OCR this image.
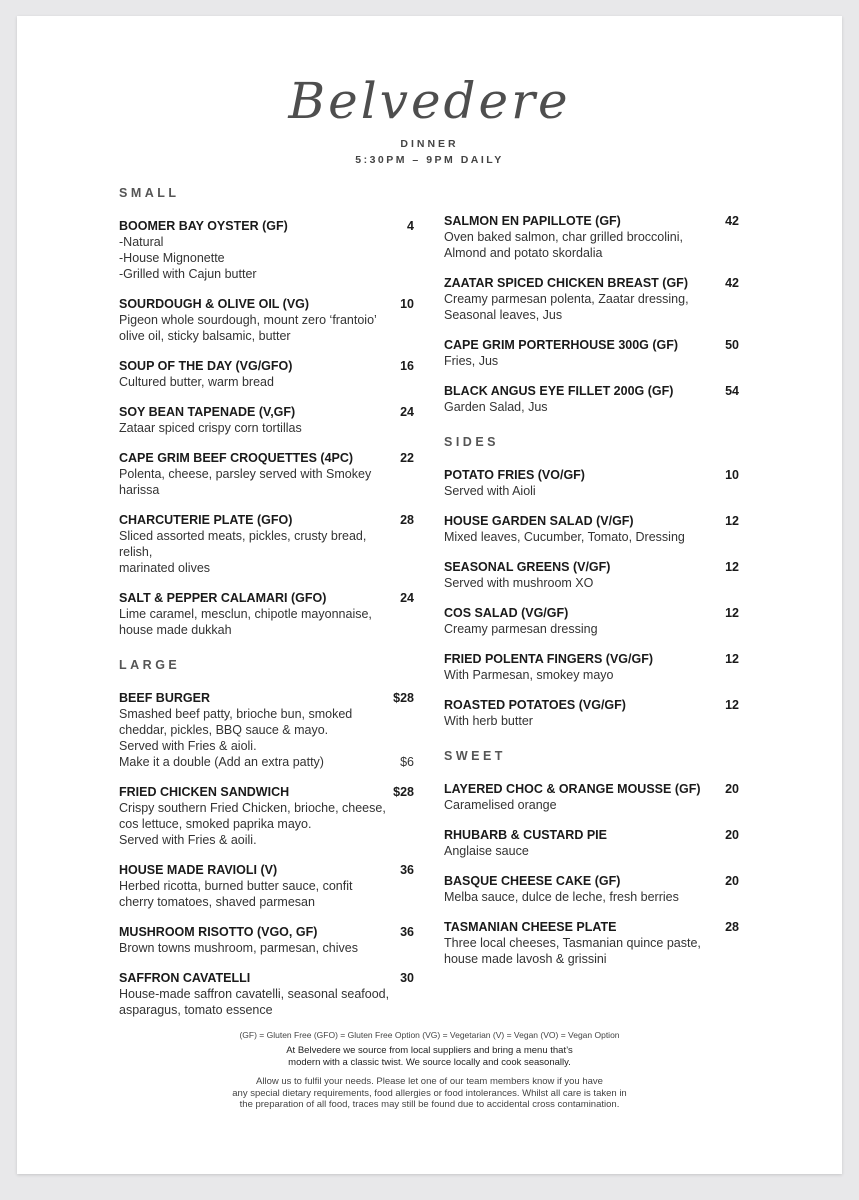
Belvedere
DINNER
5:30PM – 9PM DAILY
SMALL
BOOMER BAY OYSTER (GF)	4
-Natural
-House Mignonette
-Grilled with Cajun butter
SOURDOUGH & OLIVE OIL (VG)	10
Pigeon whole sourdough, mount zero ‘frantoio’
olive oil, sticky balsamic, butter
SOUP OF THE DAY (VG/GFO)	16
Cultured butter, warm bread
SOY BEAN TAPENADE (V,GF)	24
Zataar spiced crispy corn tortillas
CAPE GRIM BEEF CROQUETTES (4PC)	22
Polenta, cheese, parsley served with Smokey
harissa
CHARCUTERIE PLATE (GFO)	28
Sliced assorted meats, pickles, crusty bread,
relish,
marinated olives
SALT & PEPPER CALAMARI (GFO)	24
Lime caramel, mesclun, chipotle mayonnaise,
house made dukkah
LARGE
BEEF BURGER	$28
Smashed beef patty, brioche bun, smoked
cheddar, pickles, BBQ sauce & mayo.
Served with Fries & aioli.
Make it a double (Add an extra patty)	$6
FRIED CHICKEN SANDWICH	$28
Crispy southern Fried Chicken, brioche, cheese,
cos lettuce, smoked paprika mayo.
Served with Fries & aoili.
HOUSE MADE RAVIOLI (V)	36
Herbed ricotta, burned butter sauce, confit
cherry tomatoes, shaved parmesan
MUSHROOM RISOTTO (VGO, GF)	36
Brown towns mushroom, parmesan, chives
SAFFRON CAVATELLI	30
House-made saffron cavatelli, seasonal seafood,
asparagus, tomato essence
SALMON EN PAPILLOTE (GF)	42
Oven baked salmon, char grilled broccolini,
Almond and potato skordalia
ZAATAR SPICED CHICKEN BREAST (GF)	42
Creamy parmesan polenta, Zaatar dressing,
Seasonal leaves, Jus
CAPE GRIM PORTERHOUSE 300G (GF)	50
Fries, Jus
BLACK ANGUS EYE FILLET 200G (GF)	54
Garden Salad, Jus
SIDES
POTATO FRIES (VO/GF)	10
Served with Aioli
HOUSE GARDEN SALAD (V/GF)	12
Mixed leaves, Cucumber, Tomato, Dressing
SEASONAL GREENS (V/GF)	12
Served with mushroom XO
COS SALAD (VG/GF)	12
Creamy parmesan dressing
FRIED POLENTA FINGERS (VG/GF)	12
With Parmesan, smokey mayo
ROASTED POTATOES (VG/GF)	12
With herb butter
SWEET
LAYERED CHOC & ORANGE MOUSSE (GF)	20
Caramelised orange
RHUBARB & CUSTARD PIE	20
Anglaise sauce
BASQUE CHEESE CAKE (GF)	20
Melba sauce, dulce de leche, fresh berries
TASMANIAN CHEESE PLATE	28
Three local cheeses, Tasmanian quince paste,
house made lavosh & grissini
(GF) = Gluten Free (GFO) = Gluten Free Option (VG) = Vegetarian (V) = Vegan (VO) = Vegan Option
At Belvedere we source from local suppliers and bring a menu that’s
modern with a classic twist. We source locally and cook seasonally.
Allow us to fulfil your needs. Please let one of our team members know if you have
any special dietary requirements, food allergies or food intolerances. Whilst all care is taken in
the preparation of all food, traces may still be found due to accidental cross contamination.
